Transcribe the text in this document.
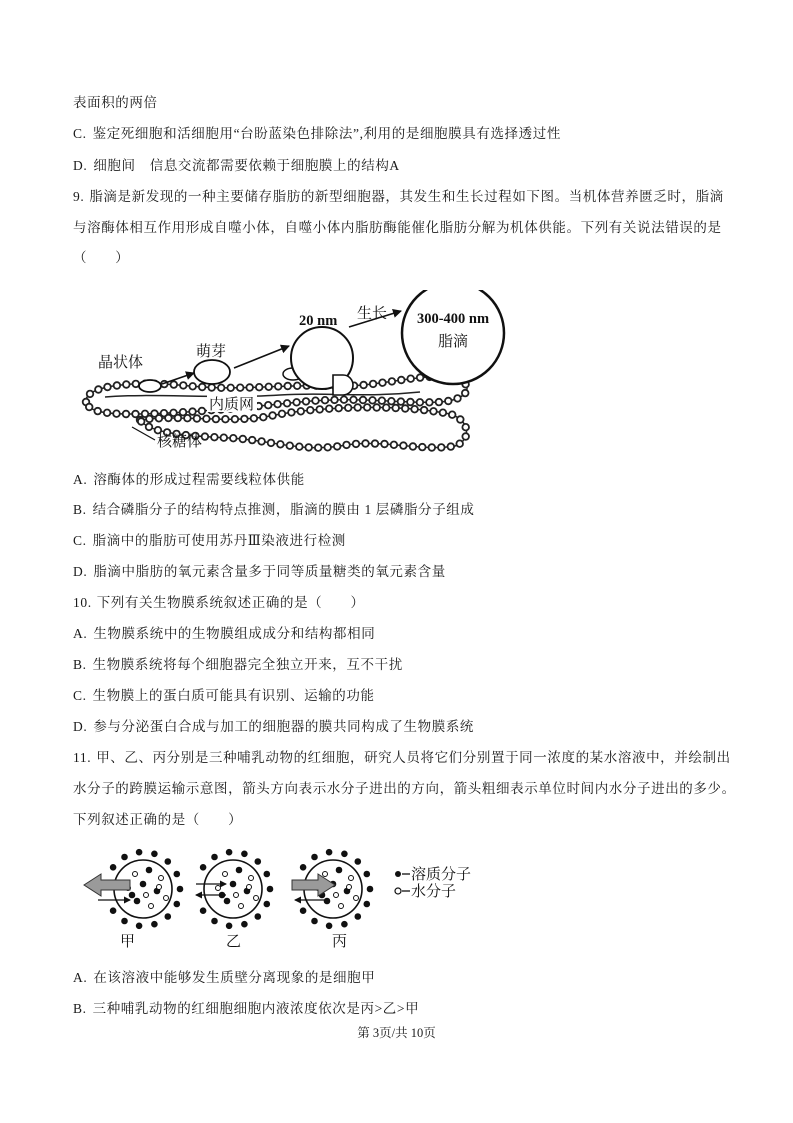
表面积的两倍
C. 鉴定死细胞和活细胞用“台盼蓝染色排除法”,利用的是细胞膜具有选择透过性
D. 细胞间　信息交流都需要依赖于细胞膜上的结构A
9. 脂滴是新发现的一种主要储存脂肪的新型细胞器，其发生和生长过程如下图。当机体营养匮乏时，脂滴
与溶酶体相互作用形成自噬小体，自噬小体内脂肪酶能催化脂肪分解为机体供能。下列有关说法错误的是
（　　）
晶状体
萌芽
20 nm 生长 300-400 nm
脂滴
内质网
核糖体
A. 溶酶体的形成过程需要线粒体供能
B. 结合磷脂分子的结构特点推测，脂滴的膜由 1 层磷脂分子组成
C. 脂滴中的脂肪可使用苏丹Ⅲ染液进行检测
D. 脂滴中脂肪的氧元素含量多于同等质量糖类的氧元素含量
10. 下列有关生物膜系统叙述正确的是（　　）
A. 生物膜系统中的生物膜组成成分和结构都相同
B. 生物膜系统将每个细胞器完全独立开来，互不干扰
C. 生物膜上的蛋白质可能具有识别、运输的功能
D. 参与分泌蛋白合成与加工的细胞器的膜共同构成了生物膜系统
11. 甲、乙、丙分别是三种哺乳动物的红细胞，研究人员将它们分别置于同一浓度的某水溶液中，并绘制出
水分子的跨膜运输示意图，箭头方向表示水分子进出的方向，箭头粗细表示单位时间内水分子进出的多少。
下列叙述正确的是（　　）
甲	乙	丙
溶质分子
水分子
A. 在该溶液中能够发生质壁分离现象的是细胞甲
B. 三种哺乳动物的红细胞细胞内液浓度依次是丙>乙>甲
第 3页/共 10页
